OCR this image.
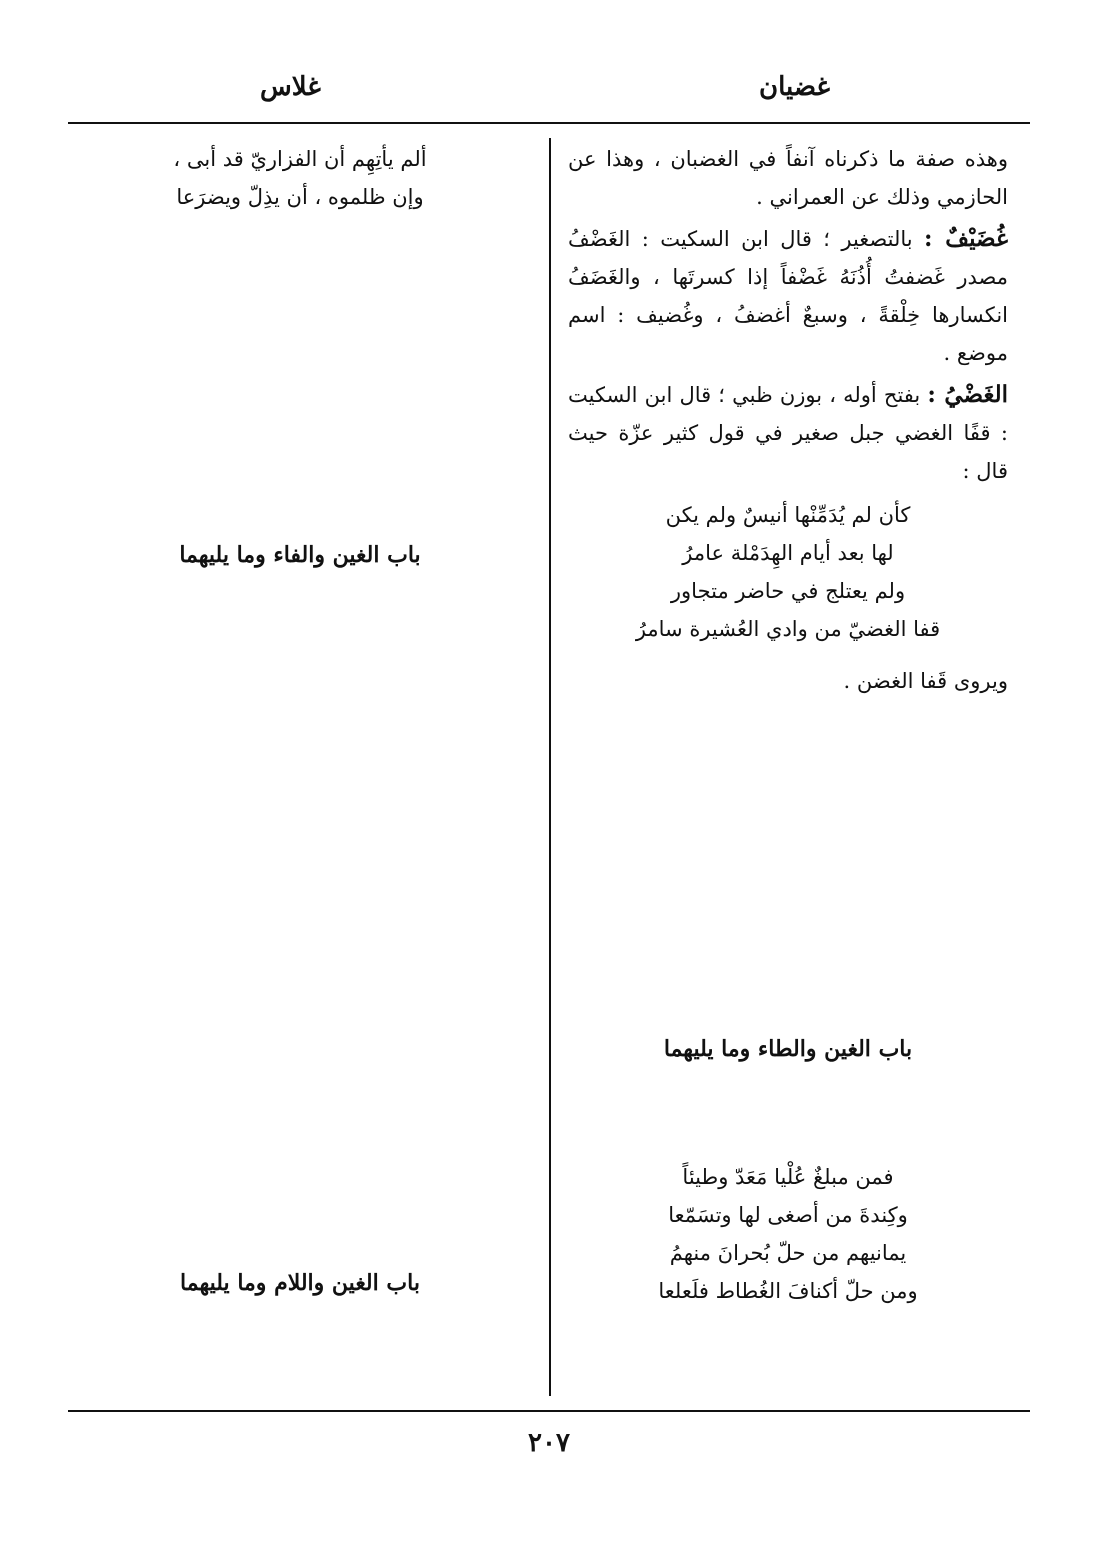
غضيان
غلاس

وهذه صفة ما ذكرناه آنفاً في الغضبان ، وهذا عن الحازمي وذلك عن العمراني .

غُضَيْفٌ : بالتصغير ؛ قال ابن السكيت : الغَضْفُ مصدر غَضفتُ أُذُنَهُ غَضْفاً إذا كسرتَها ، والغَضَفُ انكسارها خِلْقةً ، وسبعٌ أغضفُ ، وغُضيف : اسم موضع .

الغَضْيُ : بفتح أوله ، بوزن ظبي ؛ قال ابن السكيت : قفًا الغضي جبل صغير في قول كثير عزّة حيث قال :

كأن لم يُدَمِّنْها أنيسٌ ولم يكن
لها بعد أيام الهِدَمْلة عامرُ
ولم يعتلج في حاضر متجاور
قفا الغضيّ من وادي العُشيرة سامرُ

ويروى قَفا الغضن .

باب الغين والطاء وما يليهما
فمن مبلغٌ عُلْيا مَعَدّ وطيئاً
وكِندةَ من أصغى لها وتسَمّعا
يمانيهم من حلّ بُحرانَ منهمُ
ومن حلّ أكنافَ الغُطاط فلَعلعا
ألم يأتِهِم أن الفزاريّ قد أبى ،
وإن ظلموه ، أن يذِلّ ويضرَعا
باب الغين والفاء وما يليهما
باب الغين واللام وما يليهما
٢٠٧
